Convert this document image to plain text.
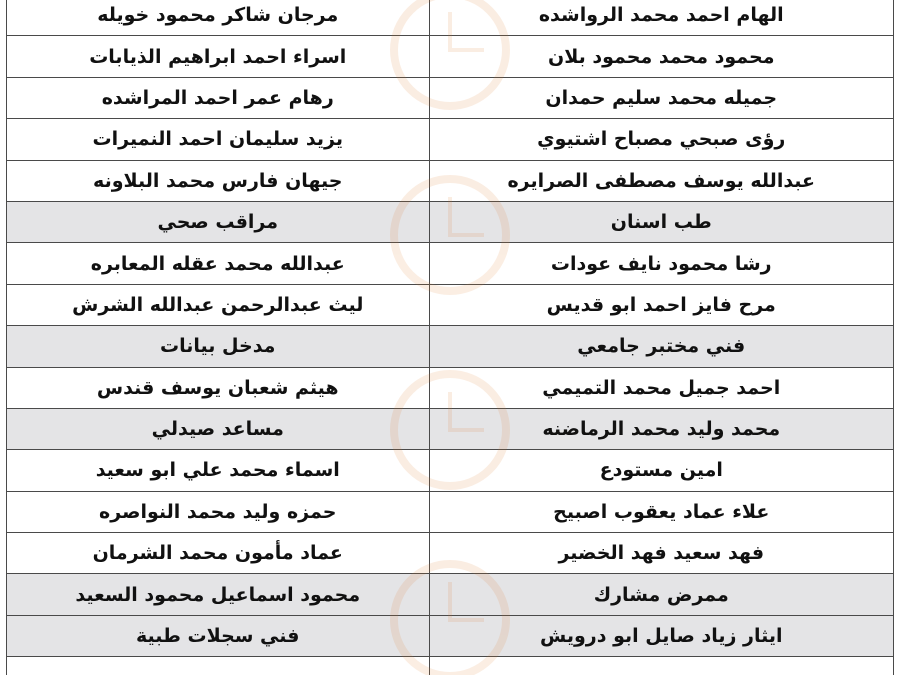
الهام احمد محمد الرواشده	مرجان شاكر محمود خويله
محمود محمد محمود بلان	اسراء احمد ابراهيم الذيابات
جميله محمد سليم حمدان	رهام عمر احمد المراشده
رؤى صبحي مصباح اشتيوي	يزيد سليمان احمد النميرات
عبدالله يوسف مصطفى الصرايره	جيهان فارس محمد البلاونه
طب اسنان	مراقب صحي
رشا محمود نايف عودات	عبدالله محمد عقله المعابره
مرح فايز احمد ابو قديس	ليث عبدالرحمن عبدالله الشرش
فني مختبر جامعي	مدخل بيانات
احمد جميل محمد التميمي	هيثم شعبان يوسف قندس
محمد وليد محمد الرماضنه	مساعد صيدلي
امين مستودع	اسماء محمد علي ابو سعيد
علاء عماد يعقوب اصبيح	حمزه وليد محمد النواصره
فهد سعيد فهد الخضير	عماد مأمون محمد الشرمان
ممرض مشارك	محمود اسماعيل محمود السعيد
ايثار زياد صايل ابو درويش	فني سجلات طبية
